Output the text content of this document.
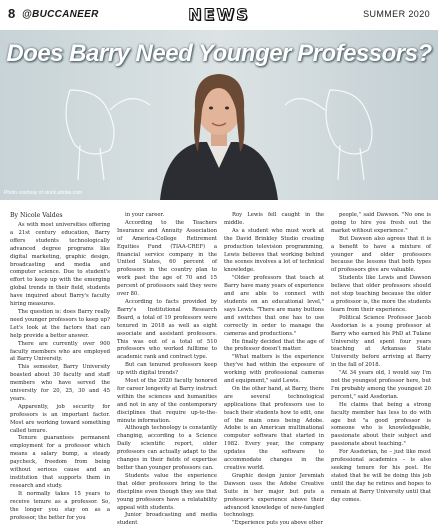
8 @BUCCANEER	NEWS	SUMMER 2020
Does Barry Need Younger Professors?
Photo courtesy of stock.adobe.com
By Nicole Valdes

As with most universities offering a 21st century education, Barry offers students technologically advanced degree programs like digital marketing, graphic design, broadcasting and media and computer science. Due to student's effort to keep up with the emerging global trends in their field, students have inquired about Barry's faculty hiring measures.

The question is: does Barry really need younger professors to keep up? Let's look at the factors that can help provide a better answer.

There are currently over 900 faculty members who are employed at Barry University.

This semester, Barry University boasted about 30 faculty and staff members who have served the university for 20, 25, 30 and 45 years.

Apparently, job security for professors is an important factor. Most are working toward something called tenure.

Tenure guarantees permanent employment for a professor which means a salary bump, a steady paycheck, freedom from being without serious cause and an institution that supports them in research and study.

It normally takes 15 years to receive tenure as a professor. So, the longer you stay on as a professor, the better for you

in your career.

According to the Teachers Insurance and Annuity Association of America-College Retirement Equities Fund (TIAA-CREF) a financial service company in the United States, 60 percent of professors in the country plan to work past the age of 70 and 15 percent of professors said they were over 80.

According to facts provided by Barry's Institutional Research Board, a total of 19 professors were tenured in 2018 as well as eight associate and assistant professors. This was out of a total of 510 professors who worked fulltime to academic rank and contract type.

But can tenured professors keep up with digital trends?

Most of the 2020 faculty honored for career longevity at Barry instruct within the sciences and humanities and not in any of the contemporary disciplines that require up-to-the-minute information.

Although technology is constantly changing, according to a Science Daily scientific report, older professors can actually adapt to the changes in their fields of expertise better than younger professors can.

Students value the experience that older professors bring to the discipline even though they see that young professors have a relatability appeal with students.

Junior broadcasting and media student

Roy Lewis fell caught in the middle.

As a student who must work at the David Brinkley Studio creating production television programming, Lewis believes that working behind the scenes involves a lot of technical knowledge.

"Older professors that teach at Barry have many years of experience and are able to connect with students on an educational level," says Lewis. "There are many buttons and switches that one has to use correctly in order to manage the cameras and productions."

He finally decided that the age of the professor doesn't matter.

"What matters is the experience they've had within the exposure of working with professional cameras and equipment," said Lewis.

On the other hand, at Barry, there are several technological applications that professors use to teach their students how to edit, one of the main ones being Adobe. Adobe is an American multinational computer software that started in 1982. Every year, the company updates the software to accommodate changes in the creative world.

Graphic design junior Jeremiah Dawson uses the Adobe Creative Suite in her major but puts a professor's experience above their advanced knowledge of new-fangled technology.

"Experience puts you above other

people," said Dawson. "No one is going to hire you fresh out the market without experience."

But Dawson also agrees that it is a benefit to have a mixture of younger and older professors because the lessons that both types of professors give are valuable.

Students like Lewis and Dawson believe that older professors should not stop teaching because the older a professor is, the more the students learn from their experience.

Political Science Professor Jacob Assdorian is a young professor at Barry who earned his PhD at Tulane University and spent four years teaching at Arkansas State University before arriving at Barry in the fall of 2018.

"At 34 years old, I would say I'm not the youngest professor here, but I'm probably among the youngest 20 percent," said Assdorian.

He claims that being a strong faculty member has less to do with age but "a good professor is someone who is knowledgeable, passionate about their subject and passionate about teaching."

For Assdorian, he – just like most professional academics – is also seeking tenure for his post. He stated that he will be doing this job until the day he retires and hopes to remain at Barry University until that day comes.
